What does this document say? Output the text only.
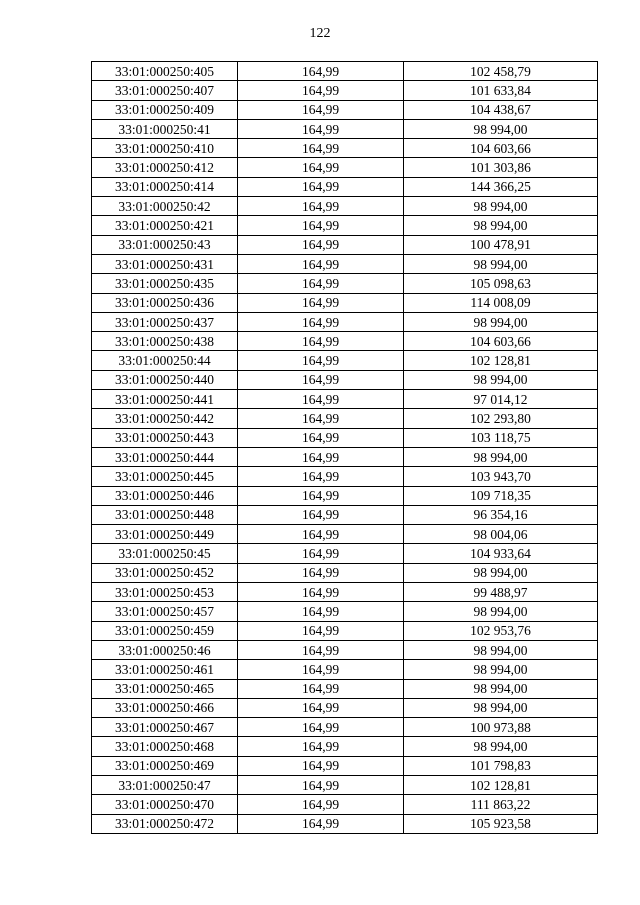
122
33:01:000250:405	164,99	102 458,79
33:01:000250:407	164,99	101 633,84
33:01:000250:409	164,99	104 438,67
33:01:000250:41	164,99	98 994,00
33:01:000250:410	164,99	104 603,66
33:01:000250:412	164,99	101 303,86
33:01:000250:414	164,99	144 366,25
33:01:000250:42	164,99	98 994,00
33:01:000250:421	164,99	98 994,00
33:01:000250:43	164,99	100 478,91
33:01:000250:431	164,99	98 994,00
33:01:000250:435	164,99	105 098,63
33:01:000250:436	164,99	114 008,09
33:01:000250:437	164,99	98 994,00
33:01:000250:438	164,99	104 603,66
33:01:000250:44	164,99	102 128,81
33:01:000250:440	164,99	98 994,00
33:01:000250:441	164,99	97 014,12
33:01:000250:442	164,99	102 293,80
33:01:000250:443	164,99	103 118,75
33:01:000250:444	164,99	98 994,00
33:01:000250:445	164,99	103 943,70
33:01:000250:446	164,99	109 718,35
33:01:000250:448	164,99	96 354,16
33:01:000250:449	164,99	98 004,06
33:01:000250:45	164,99	104 933,64
33:01:000250:452	164,99	98 994,00
33:01:000250:453	164,99	99 488,97
33:01:000250:457	164,99	98 994,00
33:01:000250:459	164,99	102 953,76
33:01:000250:46	164,99	98 994,00
33:01:000250:461	164,99	98 994,00
33:01:000250:465	164,99	98 994,00
33:01:000250:466	164,99	98 994,00
33:01:000250:467	164,99	100 973,88
33:01:000250:468	164,99	98 994,00
33:01:000250:469	164,99	101 798,83
33:01:000250:47	164,99	102 128,81
33:01:000250:470	164,99	111 863,22
33:01:000250:472	164,99	105 923,58
